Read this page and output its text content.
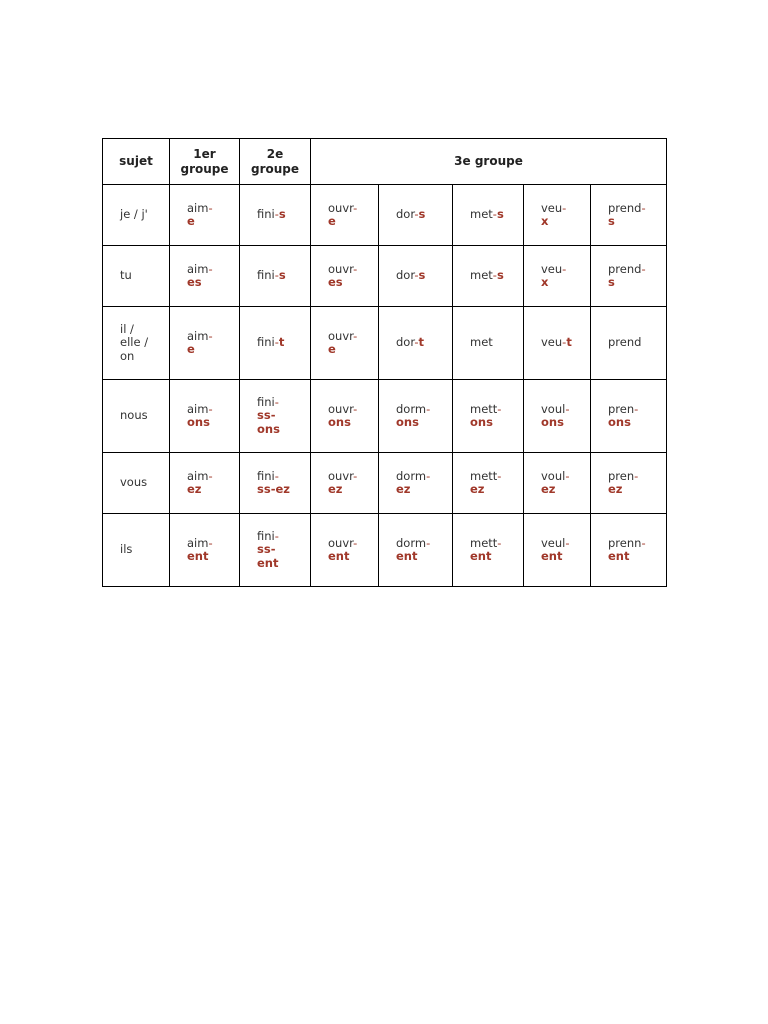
sujet	1er
groupe	2e
groupe	3e groupe				

je / j'	aim-
e	fini-s	ouvr-
e	dor-s	met-s	veu-
x	prend-
s

tu	aim-
es	fini-s	ouvr-
es	dor-s	met-s	veu-
x	prend-
s

il /
elle /
on	aim-
e	fini-t	ouvr-
e	dor-t	met	veu-t	prend

nous	aim-
ons	fini-
ss-
ons	ouvr-
ons	dorm-
ons	mett-
ons	voul-
ons	pren-
ons

vous	aim-
ez	fini-
ss-ez	ouvr-
ez	dorm-
ez	mett-
ez	voul-
ez	pren-
ez

ils	aim-
ent	fini-
ss-
ent	ouvr-
ent	dorm-
ent	mett-
ent	veul-
ent	prenn-
ent
